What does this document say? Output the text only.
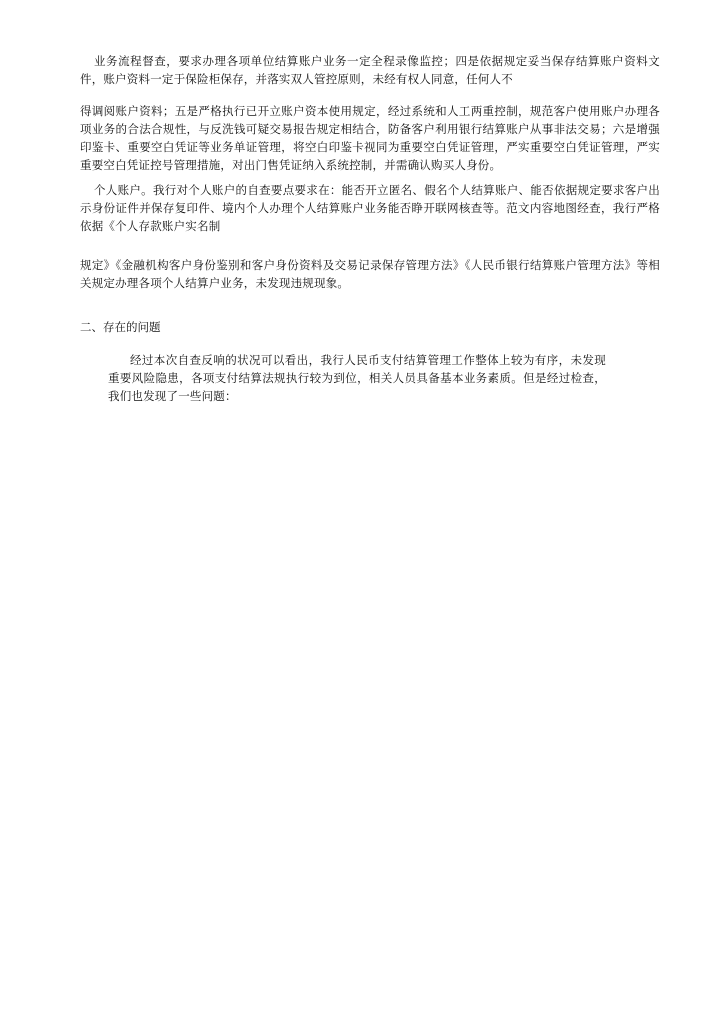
业务流程督查，要求办理各项单位结算账户业务一定全程录像监控；四是依据规定妥当保存结算账户资料文件，账户资料一定于保险柜保存，并落实双人管控原则，未经有权人同意，任何人不
得调阅账户资料；五是严格执行已开立账户资本使用规定，经过系统和人工两重控制，规范客户使用账户办理各项业务的合法合规性，与反洗钱可疑交易报告规定相结合，防备客户利用银行结算账户从事非法交易；六是增强印鉴卡、重要空白凭证等业务单证管理，将空白印鉴卡视同为重要空白凭证管理，严实重要空白凭证管理，严实重要空白凭证控号管理措施，对出门售凭证纳入系统控制，并需确认购买人身份。
个人账户。我行对个人账户的自查要点要求在：能否开立匿名、假名个人结算账户、能否依据规定要求客户出示身份证件并保存复印件、境内个人办理个人结算账户业务能否睁开联网核查等。范文内容地图经查，我行严格依据《个人存款账户实名制
规定》《金融机构客户身份鉴别和客户身份资料及交易记录保存管理方法》《人民币银行结算账户管理方法》等相关规定办理各项个人结算户业务，未发现违规现象。
二、存在的问题
经过本次自查反响的状况可以看出，我行人民币支付结算管理工作整体上较为有序，未发现重要风险隐患，各项支付结算法规执行较为到位，相关人员具备基本业务素质。但是经过检查，我们也发现了一些问题：
